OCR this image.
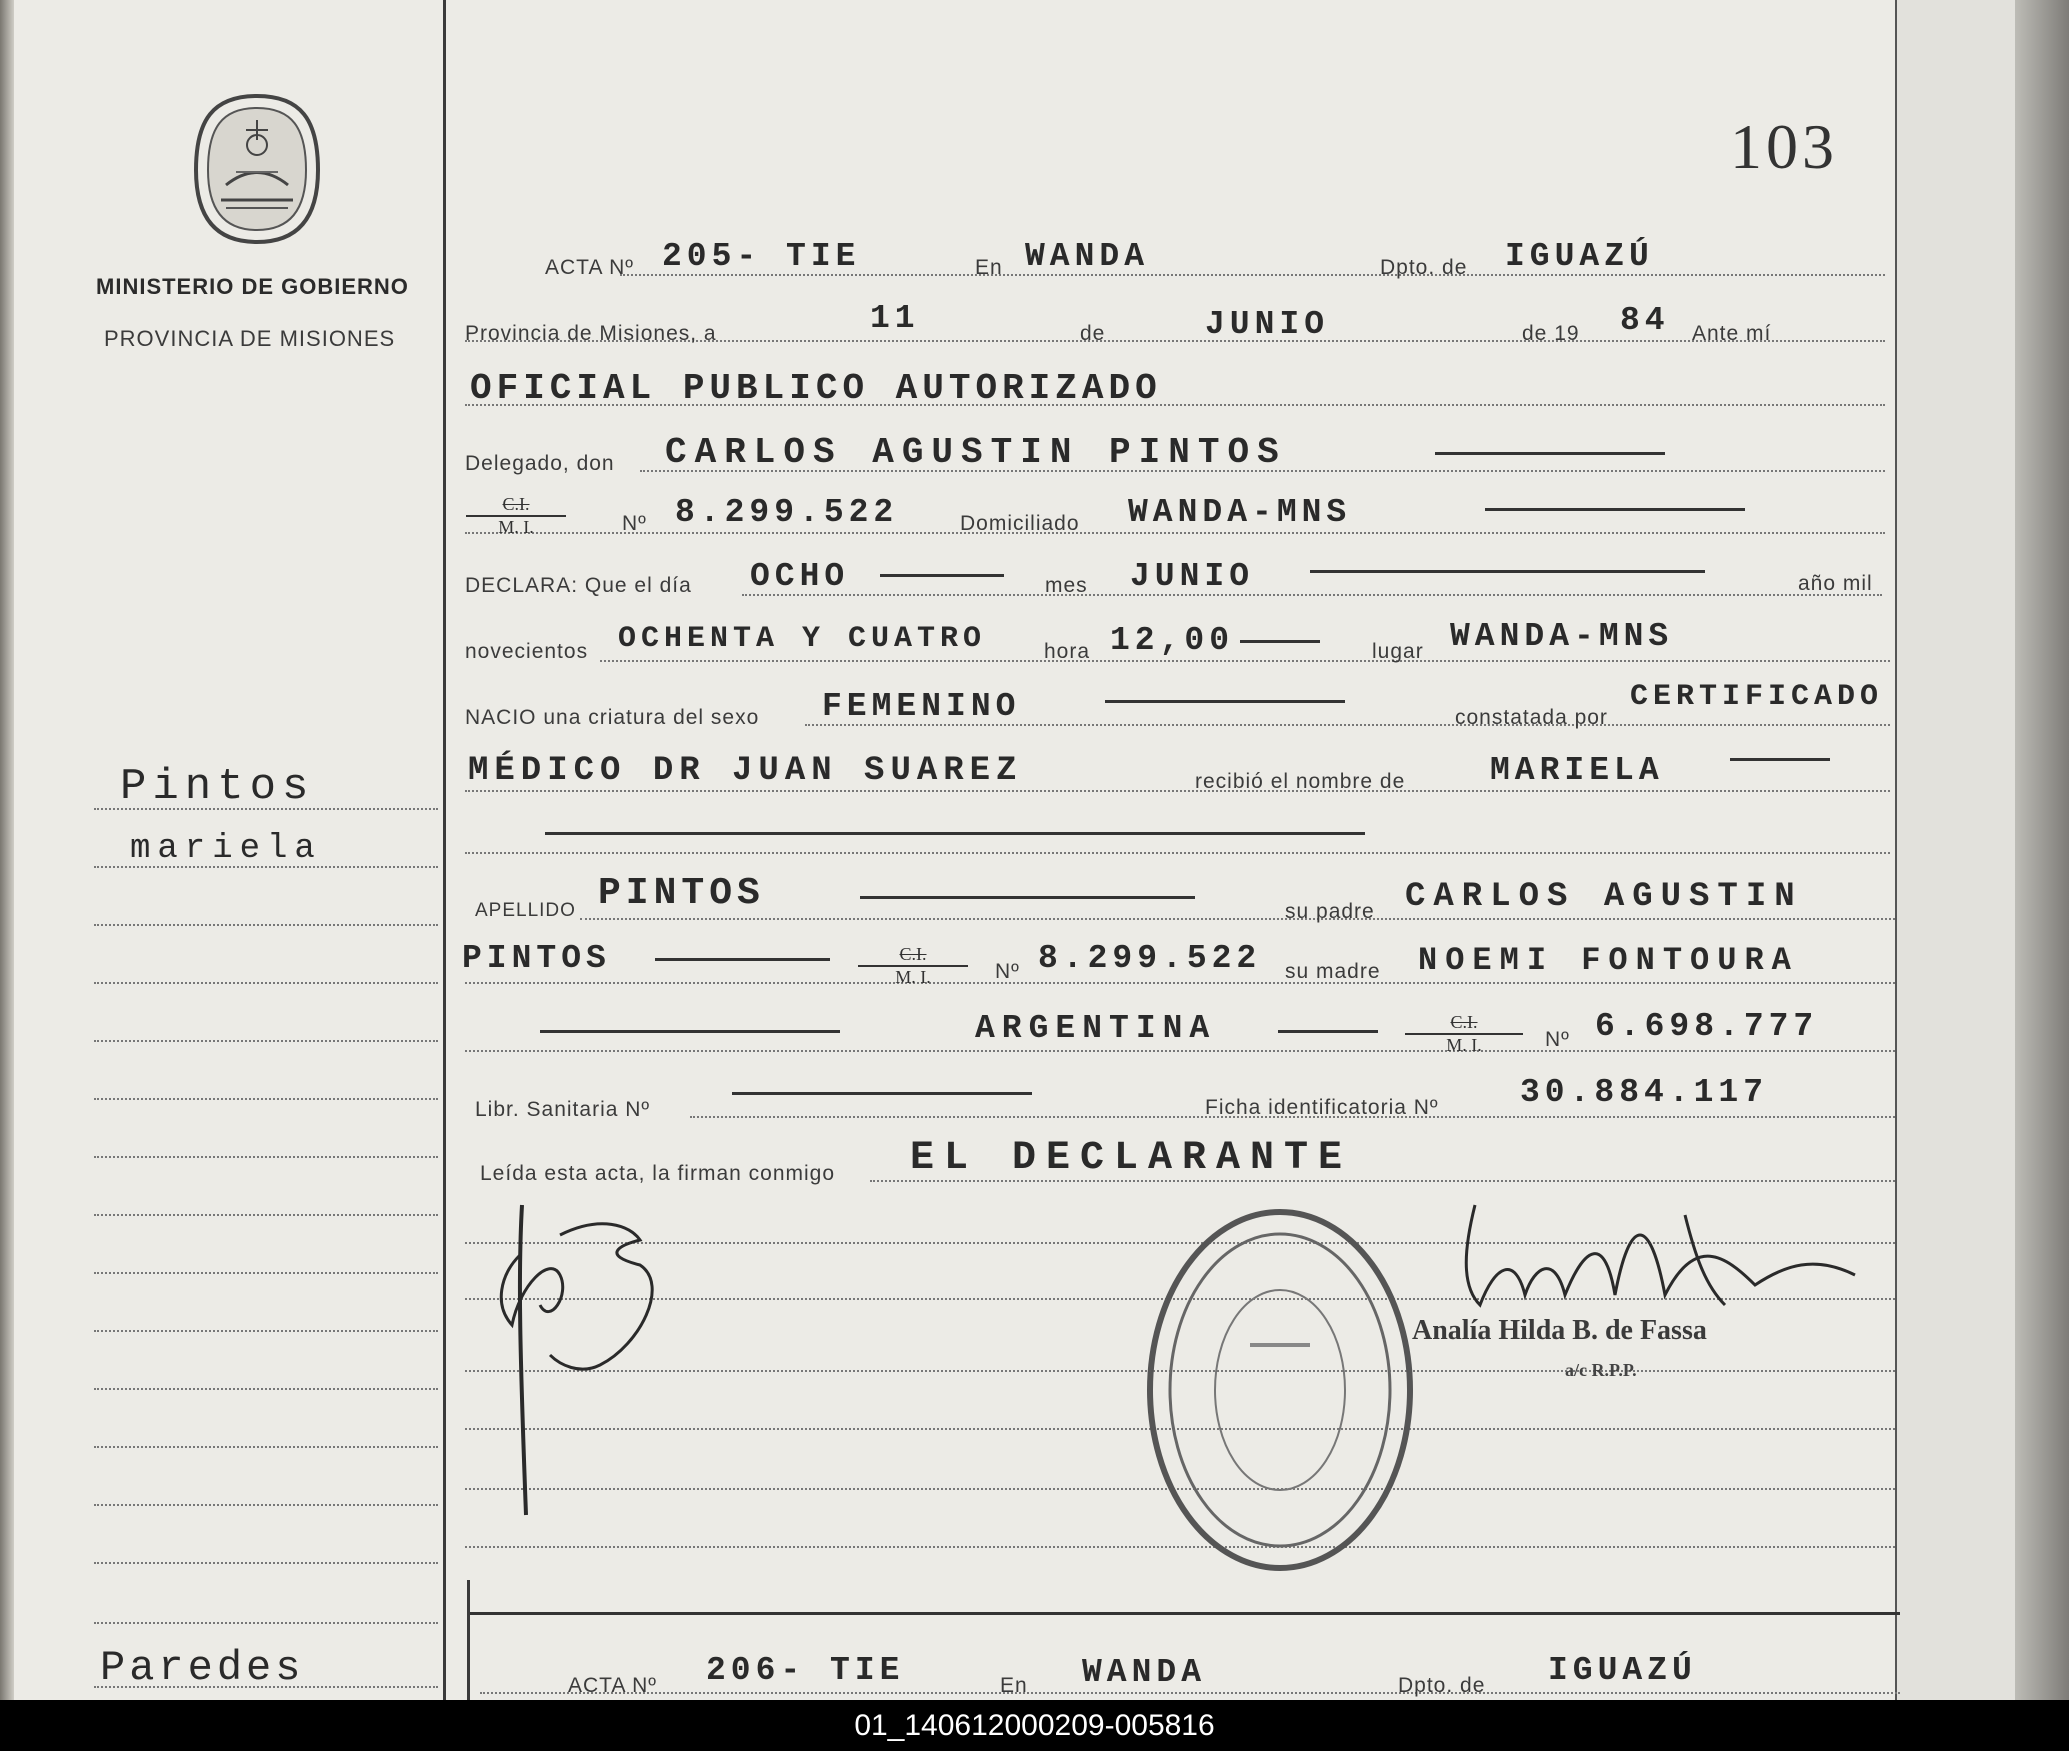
MINISTERIO DE GOBIERNO
PROVINCIA DE MISIONES
103
Pintos
mariela
Paredes
ACTA Nº 205- TIE	En WANDA	Dpto. de IGUAZÚ
Provincia de Misiones, a	11	de	JUNIO	de 19 84 Ante mí
OFICIAL PUBLICO AUTORIZADO
Delegado, don CARLOS AGUSTIN PINTOS
$\frac{C.I.}{M. I.}$	Nº 8.299.522	Domiciliado WANDA-MNS
DECLARA: Que el día OCHO	mes JUNIO	año mil
novecientos OCHENTA Y CUATRO	hora 12,00	lugar WANDA-MNS
NACIO una criatura del sexo FEMENINO	constatada por
CERTIFICADO
MÉDICO DR JUAN SUAREZ	recibió el nombre de	MARIELA
APELLIDO PINTOS	su padre CARLOS AGUSTIN
PINTOS	$\frac{C.I.}{M. I.}$ Nº 8.299.522 su madre NOEMI FONTOURA
ARGENTINA	$\frac{C.I.}{M. I.}$ Nº 6.698.777
Libr. Sanitaria Nº	Ficha identificatoria Nº 30.884.117
Leída esta acta, la firman conmigo EL DECLARANTE
Analía Hilda B. de Fassa
a/c R.P.P.
ACTA Nº 206- TIE	En WANDA	Dpto. de IGUAZÚ
01_140612000209-005816
